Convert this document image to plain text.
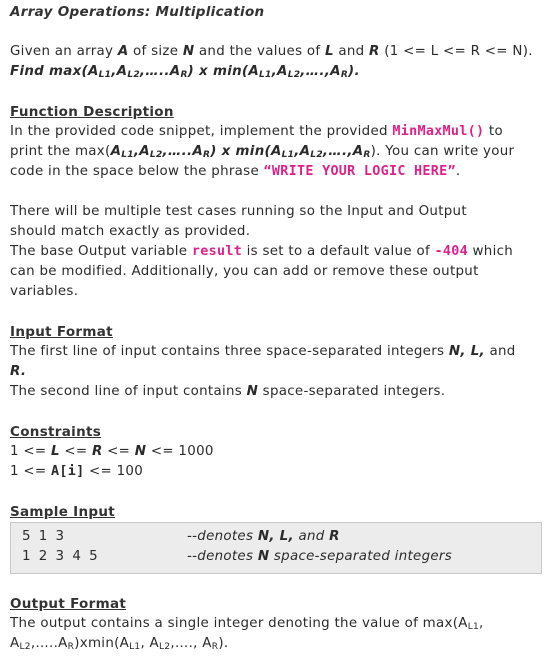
Array Operations: Multiplication
Given an array A of size N and the values of L and R (1 <= L <= R <= N).
Find $\max(A_{L1},A_{L2},\dots..A_R)$ x $\min(A_{L1},A_{L2},\dots.,A_R)$.
Function Description
In the provided code snippet, implement the provided MinMaxMul() to
print the $\max(A_{L1},A_{L2},\dots..A_R)$ x $\min(A_{L1},A_{L2},\dots.,A_R)$. You can write your
code in the space below the phrase “WRITE YOUR LOGIC HERE”.
There will be multiple test cases running so the Input and Output
should match exactly as provided.
The base Output variable result is set to a default value of -404 which
can be modified. Additionally, you can add or remove these output
variables.
Input Format
The first line of input contains three space-separated integers N, L, and
R.
The second line of input contains N space-separated integers.
Constraints
1 <= L <= R <= N <= 1000
1 <= A[i] <= 100
Sample Input
5 1 3
1 2 3 4 5
--denotes N, L, and R
--denotes N space-separated integers
Output Format
The output contains a single integer denoting the value of $\max(A_{L1}$,
$A_{L2},\dots..A_R)xmin(A_{L1}$, $A_{L2},\dots$., $A_R$).
